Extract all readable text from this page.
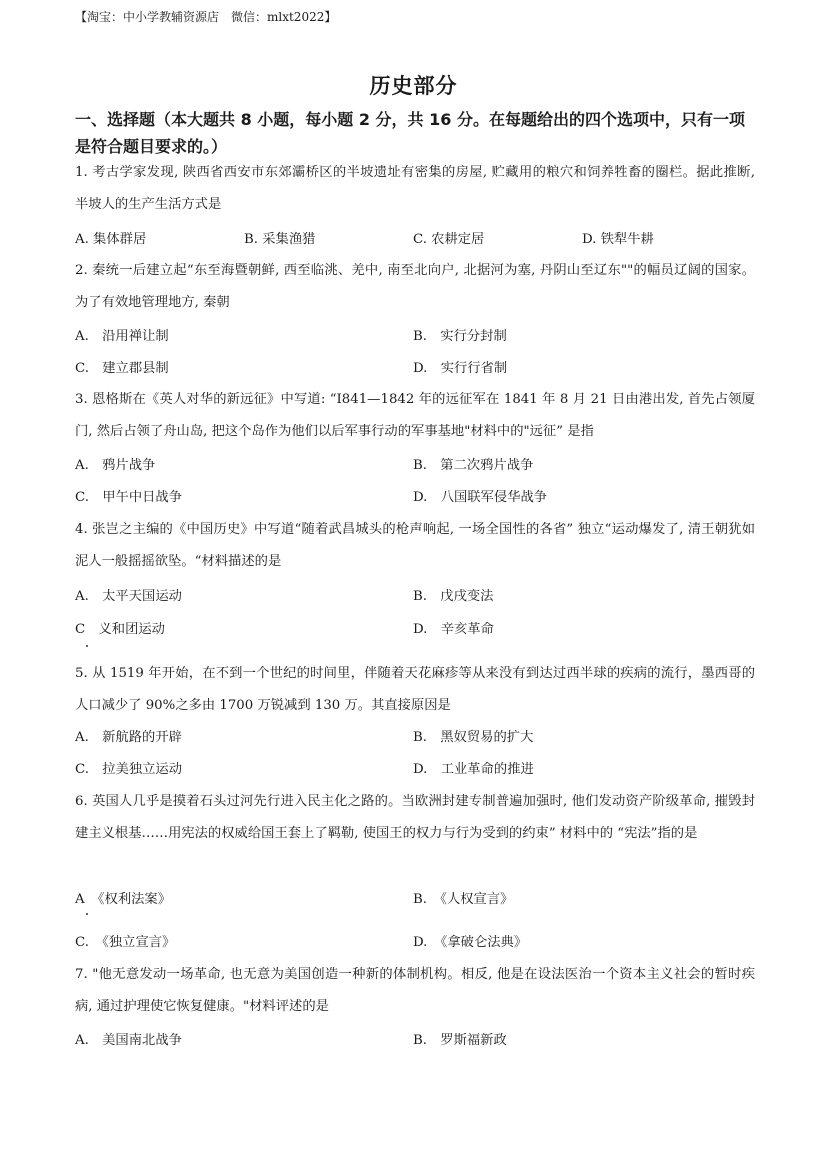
【淘宝：中小学教辅资源店　微信：mlxt2022】
历史部分
一、选择题（本大题共 8 小题，每小题 2 分，共 16 分。在每题给出的四个选项中，只有一项是符合题目要求的。）
1. 考古学家发现, 陕西省西安市东郊灞桥区的半坡遗址有密集的房屋, 贮藏用的粮穴和饲养牲畜的圈栏。据此推断, 半坡人的生产生活方式是
A. 集体群居	B. 采集渔猎	C. 农耕定居	D. 铁犁牛耕
2. 秦统一后建立起“东至海暨朝鲜, 西至临洮、羌中, 南至北向户, 北据河为塞, 丹阴山至辽东""的幅员辽阔的国家。为了有效地管理地方, 秦朝
A.　沿用禅让制	B.　实行分封制
C.　建立郡县制	D.　实行行省制
3. 恩格斯在《英人对华的新远征》中写道: “I841—1842 年的远征军在 1841 年 8 月 21 日由港出发, 首先占领厦门, 然后占领了舟山岛, 把这个岛作为他们以后军事行动的军事基地"材料中的"远征” 是指
A.　鸦片战争	B.　第二次鸦片战争
C.　甲午中日战争	D.　八国联军侵华战争
4. 张岂之主编的《中国历史》中写道“随着武昌城头的枪声响起, 一场全国性的各省” 独立“运动爆发了, 清王朝犹如泥人一般摇摇欲坠。“材料描述的是
A.　太平天国运动	B.　戊戌变法
C　义和团运动	D.　辛亥革命
5. 从 1519 年开始，在不到一个世纪的时间里，伴随着天花麻疹等从来没有到达过西半球的疾病的流行，墨西哥的人口减少了 90%之多由 1700 万锐减到 130 万。其直接原因是
A.　新航路的开辟	B.　黑奴贸易的扩大
C.　拉美独立运动	D.　工业革命的推进
6. 英国人几乎是摸着石头过河先行进入民主化之路的。当欧洲封建专制普遍加强时, 他们发动资产阶级革命, 摧毁封建主义根基……用宪法的权威给国王套上了羁勒, 使国王的权力与行为受到的约束” 材料中的 “宪法”指的是
A　《权利法案》	B.　《人权宣言》
C.　《独立宣言》	D.　《拿破仑法典》
7. "他无意发动一场革命, 也无意为美国创造一种新的体制机构。相反, 他是在设法医治一个资本主义社会的暂时疾病, 通过护理使它恢复健康。"材料评述的是
A.　美国南北战争	B.　罗斯福新政
